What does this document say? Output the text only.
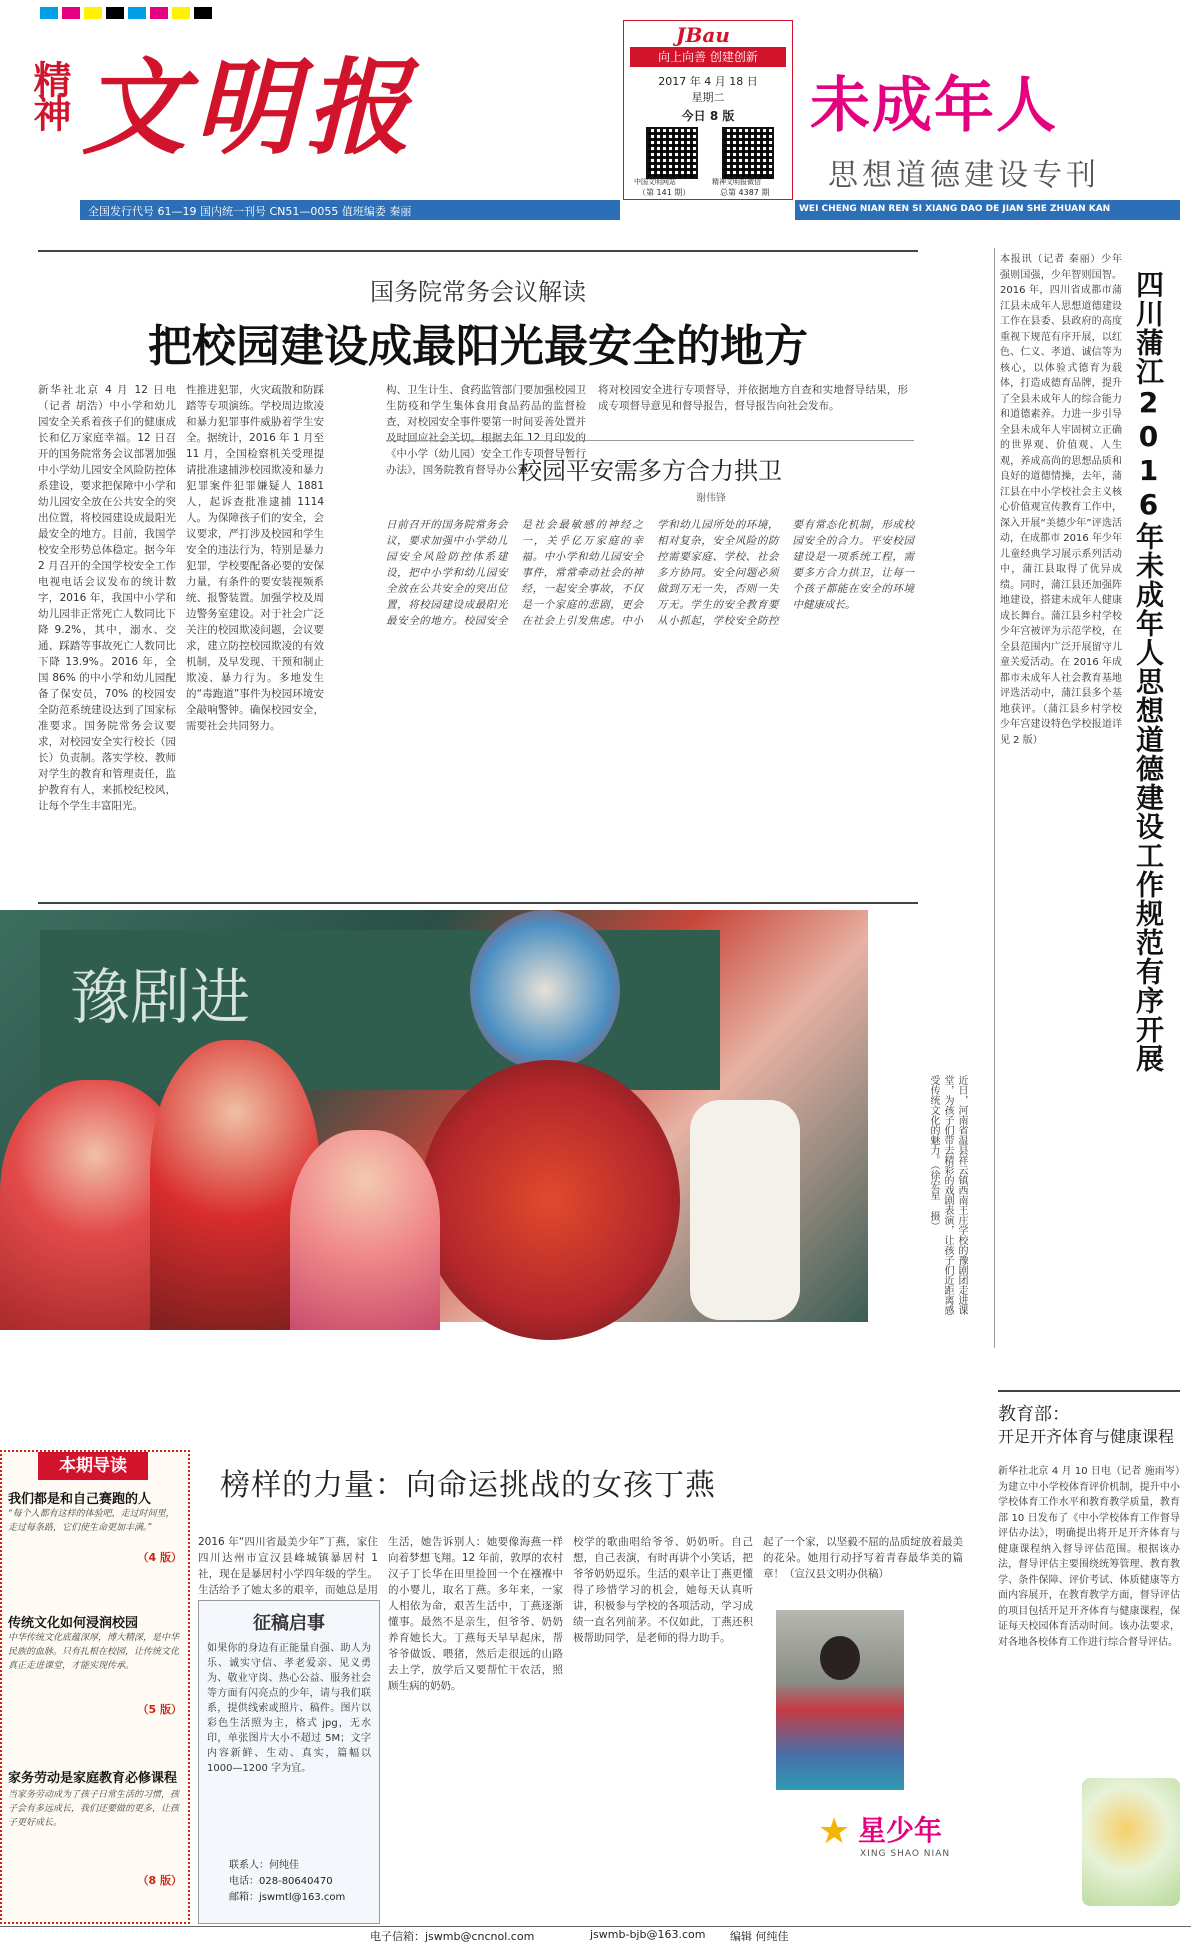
精神 文明报
JBau
向上向善 创建创新
2017 年 4 月 18 日
星期二
今日 8 版
中国文明网站	精神文明报微信
（第 141 期）	总第 4387 期
未成年人
思想道德建设专刊
全国发行代号 61—19 国内统一刊号 CN51—0055 值班编委 秦丽	WEI CHENG NIAN REN SI XIANG DAO DE JIAN SHE ZHUAN KAN
国务院常务会议解读
把校园建设成最阳光最安全的地方
新华社北京 4 月 12 日电（记者 胡浩）中小学和幼儿园安全关系着孩子们的健康成长和亿万家庭幸福。12 日召开的国务院常务会议部署加强中小学幼儿园安全风险防控体系建设，要求把保障中小学和幼儿园安全放在公共安全的突出位置，将校园建设成最阳光最安全的地方。目前，我国学校安全形势总体稳定。据今年 2 月召开的全国学校安全工作电视电话会议发布的统计数字，2016 年，我国中小学和幼儿园非正常死亡人数同比下降 9.2%，其中，溺水、交通、踩踏等事故死亡人数同比下降 13.9%。2016 年，全国 86% 的中小学和幼儿园配备了保安员，70% 的校园安全防范系统建设达到了国家标准要求。国务院常务会议要求，对校园安全实行校长（园长）负责制。落实学校、教师对学生的教育和管理责任，监护教育有人，来抓校纪校风，让每个学生丰富阳光。
性推进犯罪，火灾疏散和防踩踏等专项演练。学校周边欺凌和暴力犯罪事件威胁着学生安全。据统计，2016 年 1 月至 11 月，全国检察机关受理提请批准逮捕涉校园欺凌和暴力犯罪案件犯罪嫌疑人 1881 人，起诉查批准逮捕 1114 人。为保障孩子们的安全，会议要求，严打涉及校园和学生安全的违法行为，特别是暴力犯罪，学校要配备必要的安保力量，有条件的要安装视频系统、报警装置。加强学校及周边警务室建设。对于社会广泛关注的校园欺凌问题，会议要求，建立防控校园欺凌的有效机制，及早发现、干预和制止欺凌、暴力行为。多地发生的“毒跑道”事件为校园环境安全敲响警钟。确保校园安全，需要社会共同努力。
构、卫生计生、食药监管部门要加强校园卫生防疫和学生集体食用食品药品的监督检查，对校园安全事件要第一时间妥善处置并及时回应社会关切。根据去年 12 月印发的《中小学（幼儿园）安全工作专项督导暂行办法》，国务院教育督导办公室
将对校园安全进行专项督导，并依据地方自查和实地督导结果，形成专项督导意见和督导报告，督导报告向社会发布。
校园平安需多方合力拱卫
谢伟锋
日前召开的国务院常务会议，要求加强中小学幼儿园安全风险防控体系建设，把中小学和幼儿园安全放在公共安全的突出位置，将校园建设成最阳光最安全的地方。校园安全是社会最敏感的神经之一，关乎亿万家庭的幸福。中小学和幼儿园安全事件，常常牵动社会的神经，一起安全事故，不仅是一个家庭的悲剧，更会在社会上引发焦虑。中小学和幼儿园所处的环境，相对复杂，安全风险的防控需要家庭、学校、社会多方协同。安全问题必须做到万无一失，否则一失万无。学生的安全教育要从小抓起，学校安全防控要有常态化机制，形成校园安全的合力。平安校园建设是一项系统工程，需要多方合力拱卫，让每一个孩子都能在安全的环境中健康成长。
豫剧进
近日，河南省温县祥云镇西南王庄学校的豫剧团走进课堂，为孩子们带去精彩的戏剧表演，让孩子们近距离感受传统文化的魅力。（徐宏星 摄）
四川蒲江2016年未成年人思想道德建设工作规范有序开展
本报讯（记者 秦丽）少年强则国强，少年智则国智。2016 年，四川省成都市蒲江县未成年人思想道德建设工作在县委、县政府的高度重视下规范有序开展，以红色、仁义、孝道、诚信等为核心，以体验式德育为载体，打造成德育品牌，提升了全县未成年人的综合能力和道德素养。力进一步引导全县未成年人牢固树立正确的世界观、价值观、人生观，养成高尚的思想品质和良好的道德情操，去年，蒲江县在中小学校社会主义核心价值观宣传教育工作中，深入开展“美德少年”评选活动，在成都市 2016 年少年儿童经典学习展示系列活动中，蒲江县取得了优异成绩。同时，蒲江县还加强阵地建设，搭建未成年人健康成长舞台。蒲江县乡村学校少年宫被评为示范学校，在全县范围内广泛开展留守儿童关爱活动。在 2016 年成都市未成年人社会教育基地评选活动中，蒲江县多个基地获评。（蒲江县乡村学校少年宫建设特色学校报道详见 2 版）
教育部：
开足开齐体育与健康课程
新华社北京 4 月 10 日电（记者 施雨岑）为建立中小学校体育评价机制，提升中小学校体育工作水平和教育教学质量，教育部 10 日发布了《中小学校体育工作督导评估办法》，明确提出将开足开齐体育与健康课程纳入督导评估范围。根据该办法，督导评估主要围绕统筹管理、教育教学、条件保障、评价考试、体质健康等方面内容展开，在教育教学方面，督导评估的项目包括开足开齐体育与健康课程，保证每天校园体育活动时间。该办法要求，对各地各校体育工作进行综合督导评估。
本期导读
我们都是和自己赛跑的人
“每个人都有这样的体验吧，走过时间里，走过每条路，它们使生命更加丰满。”
（4 版）
传统文化如何浸润校园
中华传统文化底蕴深厚，博大精深，是中华民族的血脉。只有扎根在校园，让传统文化真正走进课堂，才能实现传承。
（5 版）
家务劳动是家庭教育必修课程
当家务劳动成为了孩子日常生活的习惯，孩子会有多远成长，我们还要做的更多，让孩子更好成长。
（8 版）
榜样的力量：向命运挑战的女孩丁燕
2016 年“四川省最美少年”丁燕，家住四川达州市宣汉县峰城镇暴居村 1 社，现在是暴居村小学四年级的学生。生活给予了她太多的艰辛，而她总是用
征稿启事
如果你的身边有正能量自强、助人为乐、诚实守信、孝老爱亲、见义勇为、敬业守岗、热心公益、服务社会等方面有闪亮点的少年，请与我们联系，提供线索或照片、稿件。图片以彩色生活照为主，格式 jpg，无水印，单张图片大小不超过 5M；文字内容新鲜、生动、真实，篇幅以 1000—1200 字为宜。
联系人：何纯佳
电话：028-80640470
邮箱：jswmtl@163.com
生活，她告诉别人：她要像海燕一样向着梦想飞翔。12 年前，敦厚的农村汉子丁长华在田里捡回一个在襁褓中的小婴儿，取名丁燕。多年来，一家人相依为命，艰苦生活中，丁燕逐渐懂事。最然不是亲生，但爷爷、奶奶养育她长大。丁燕每天早早起床，帮爷爷做饭、喂猪，然后走很远的山路去上学，放学后又要帮忙干农活，照顾生病的奶奶。
校学的歌曲唱给爷爷、奶奶听。自己想，自己表演，有时再讲个小笑话，把爷爷奶奶逗乐。生活的艰辛让丁燕更懂得了珍惜学习的机会，她每天认真听讲，积极参与学校的各项活动，学习成绩一直名列前茅。不仅如此，丁燕还积极帮助同学，是老师的得力助手。
起了一个家，以坚毅不屈的品质绽放着最美的花朵。她用行动抒写着青春最华美的篇章！（宣汉县文明办供稿）
★ 星少年
XING SHAO NIAN
电子信箱：jswmb@cncnol.com	jswmb-bjb@163.com 编辑 何纯佳
